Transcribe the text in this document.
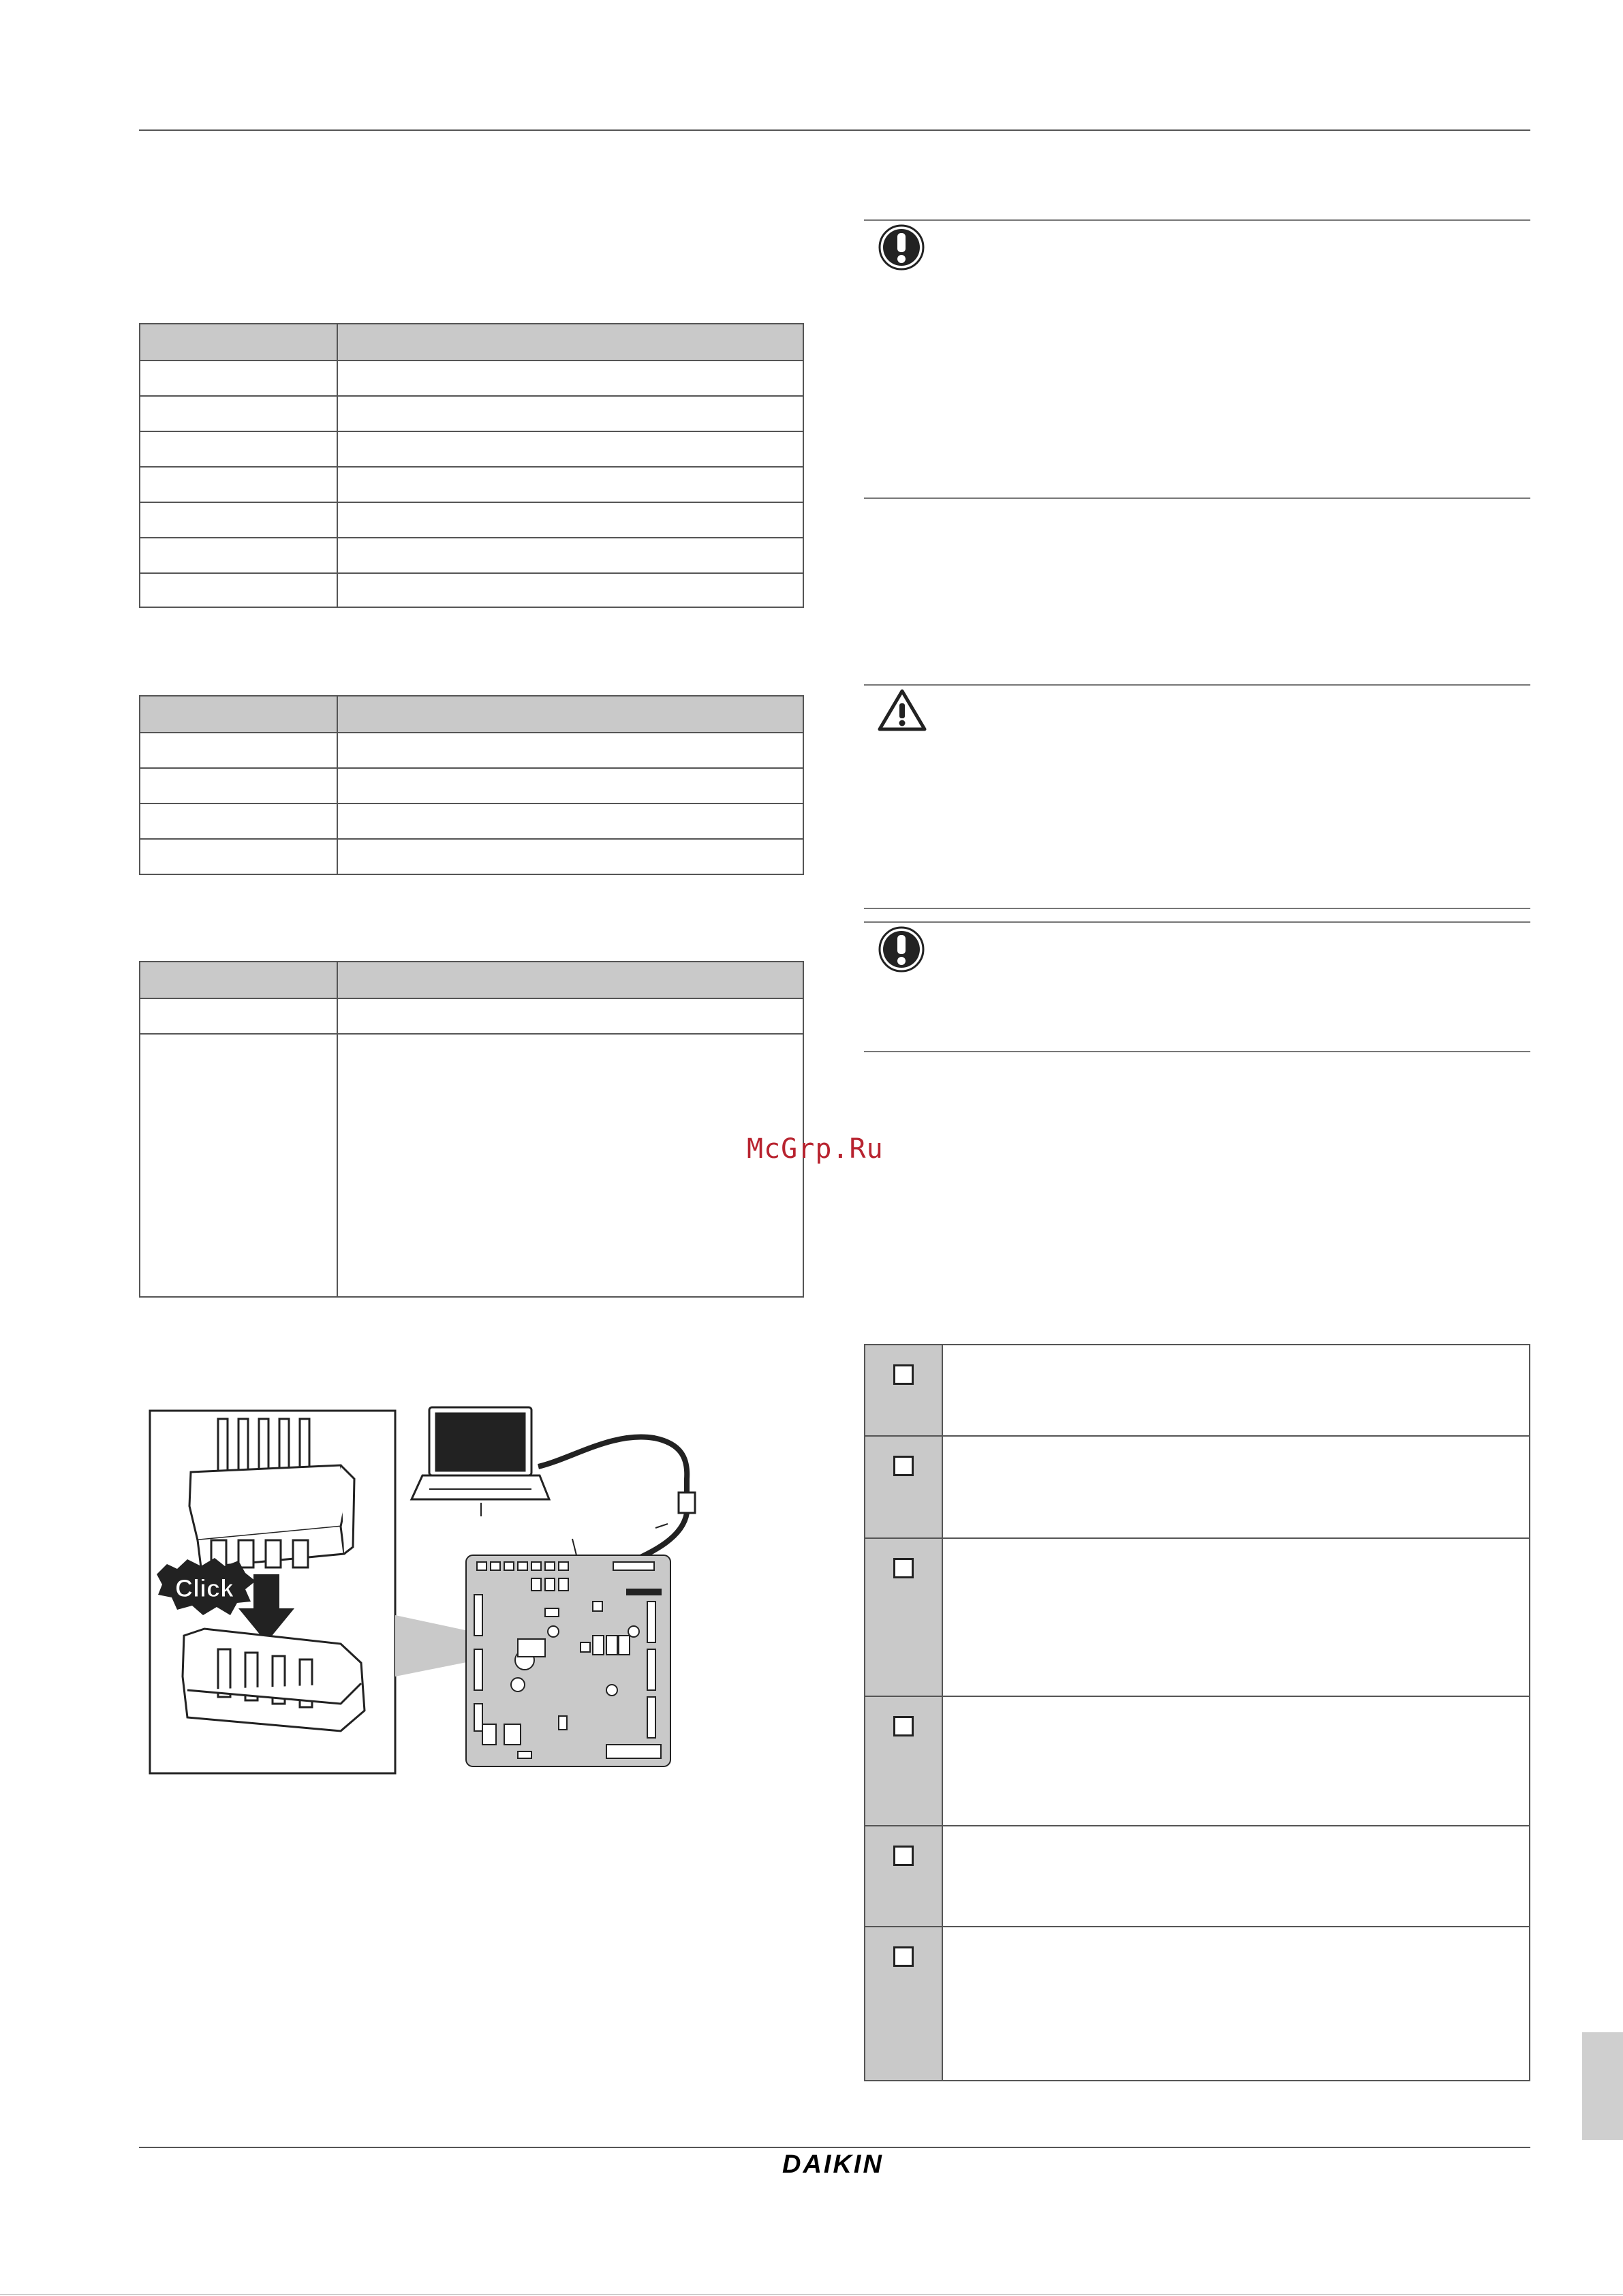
Click
McGrp.Ru
DAIKIN
